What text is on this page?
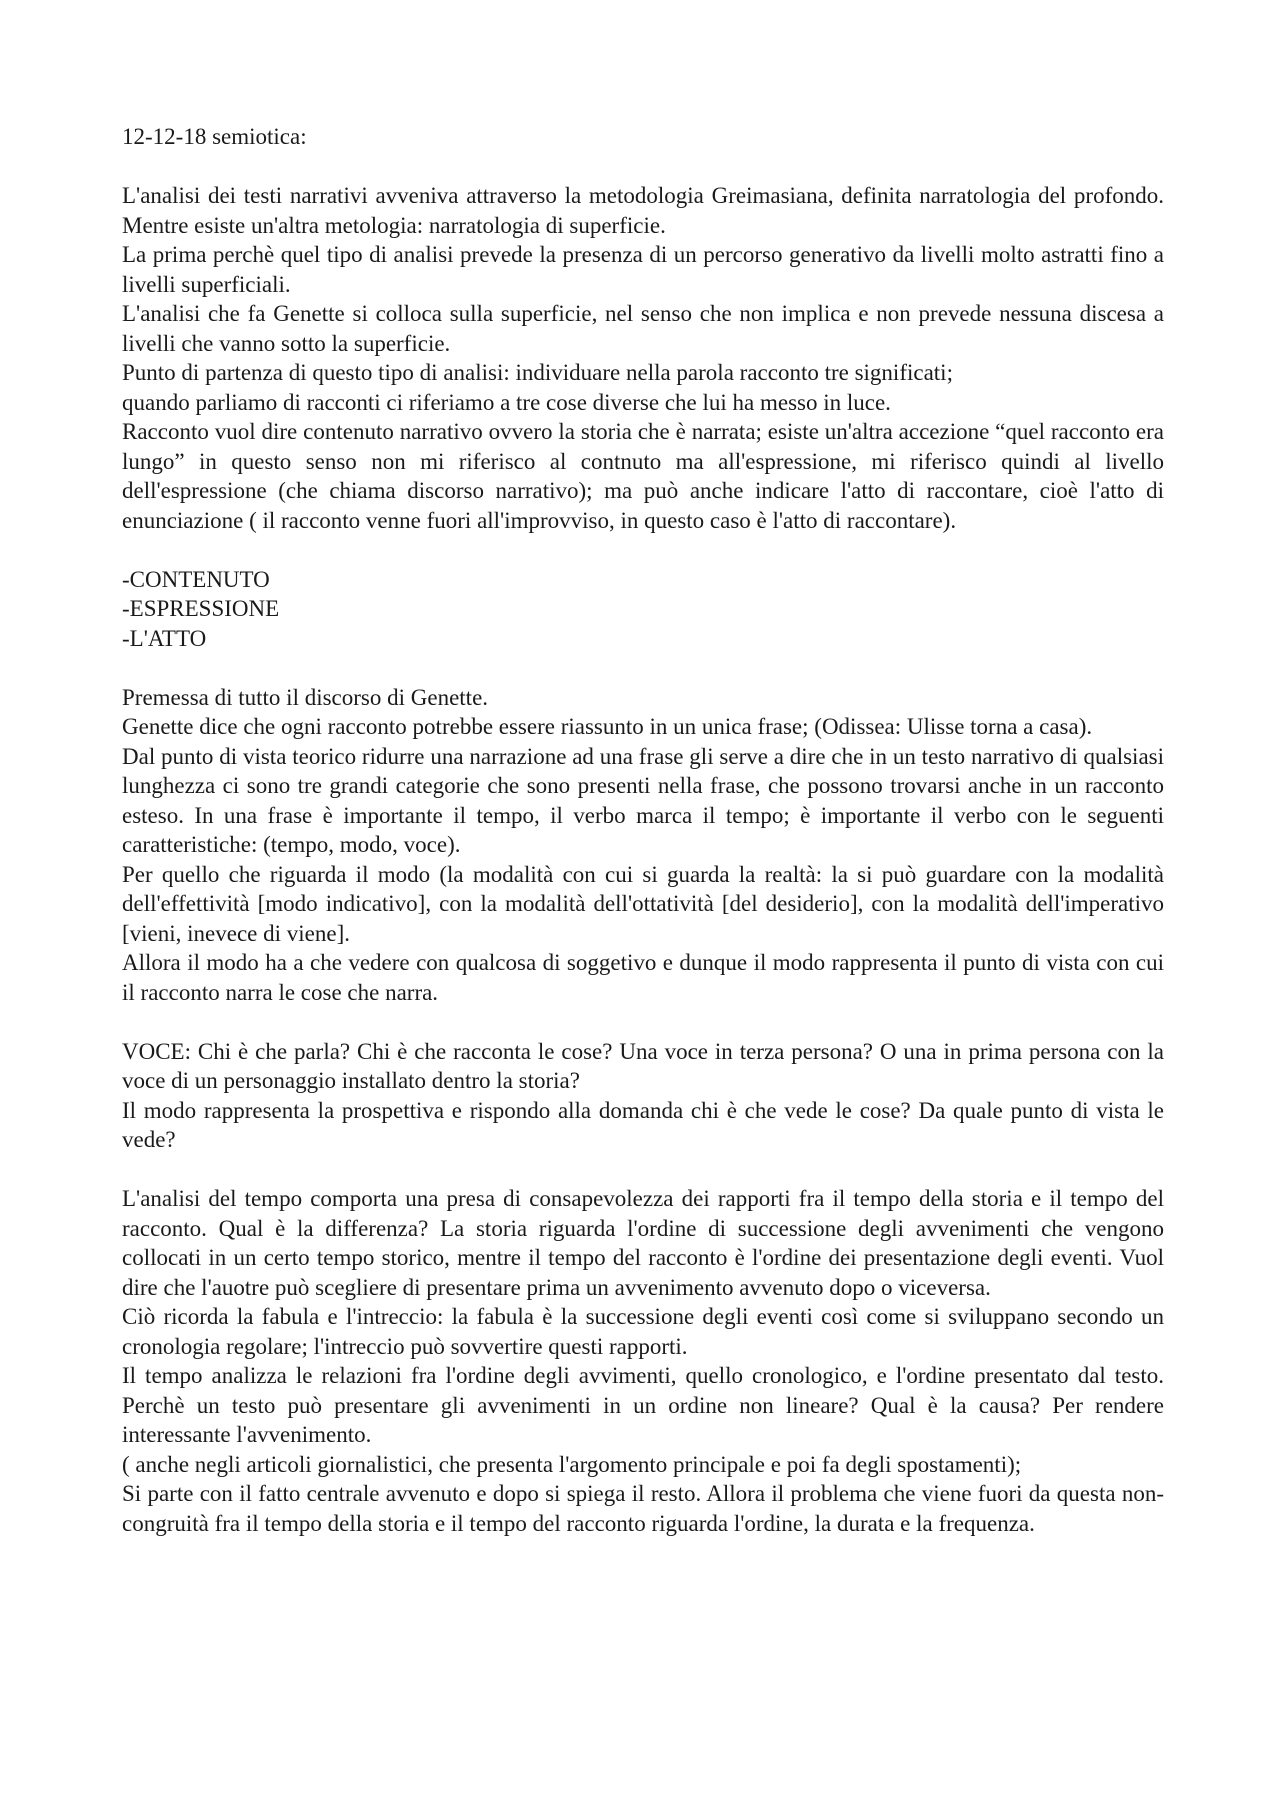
12-12-18 semiotica:

L'analisi dei testi narrativi avveniva attraverso la metodologia Greimasiana, definita narratologia del profondo. Mentre esiste un'altra metologia: narratologia di superficie.

La prima perchè quel tipo di analisi prevede la presenza di un percorso generativo da livelli molto astratti fino a livelli superficiali.

L'analisi che fa Genette si colloca sulla superficie, nel senso che non implica e non prevede nessuna discesa a livelli che vanno sotto la superficie.

Punto di partenza di questo tipo di analisi: individuare nella parola racconto tre significati;

quando parliamo di racconti ci riferiamo a tre cose diverse che lui ha messo in luce.

Racconto vuol dire contenuto narrativo ovvero la storia che è narrata; esiste un'altra accezione “quel racconto era lungo” in questo senso non mi riferisco al contnuto ma all'espressione, mi riferisco quindi al livello dell'espressione (che chiama discorso narrativo); ma può anche indicare l'atto di raccontare, cioè l'atto di enunciazione ( il racconto venne fuori all'improvviso, in questo caso è l'atto di raccontare).

-CONTENUTO

-ESPRESSIONE

-L'ATTO

Premessa di tutto il discorso di Genette.

Genette dice che ogni racconto potrebbe essere riassunto in un unica frase; (Odissea: Ulisse torna a casa).

Dal punto di vista teorico ridurre una narrazione ad una frase gli serve a dire che in un testo narrativo di qualsiasi lunghezza ci sono tre grandi categorie che sono presenti nella frase, che possono trovarsi anche in un racconto esteso. In una frase è importante il tempo, il verbo marca il tempo; è importante il verbo con le seguenti caratteristiche: (tempo, modo, voce).

Per quello che riguarda il modo (la modalità con cui si guarda la realtà: la si può guardare con la modalità dell'effettività [modo indicativo], con la modalità dell'ottatività [del desiderio], con la modalità dell'imperativo [vieni, inevece di viene].

Allora il modo ha a che vedere con qualcosa di soggetivo e dunque il modo rappresenta il punto di vista con cui il racconto narra le cose che narra.

VOCE: Chi è che parla? Chi è che racconta le cose? Una voce in terza persona? O una in prima persona con la voce di un personaggio installato dentro la storia?

Il modo rappresenta la prospettiva e rispondo alla domanda chi è che vede le cose? Da quale punto di vista le vede?

L'analisi del tempo comporta una presa di consapevolezza dei rapporti fra il tempo della storia e il tempo del racconto. Qual è la differenza? La storia riguarda l'ordine di successione degli avvenimenti che vengono collocati in un certo tempo storico, mentre il tempo del racconto è l'ordine dei presentazione degli eventi. Vuol dire che l'auotre può scegliere di presentare prima un avvenimento avvenuto dopo o viceversa.

Ciò ricorda la fabula e l'intreccio: la fabula è la successione degli eventi così come si sviluppano secondo un cronologia regolare; l'intreccio può sovvertire questi rapporti.

Il tempo analizza le relazioni fra l'ordine degli avvimenti, quello cronologico, e l'ordine presentato dal testo. Perchè un testo può presentare gli avvenimenti in un ordine non lineare? Qual è la causa? Per rendere interessante l'avvenimento.

( anche negli articoli giornalistici, che presenta l'argomento principale e poi fa degli spostamenti);

Si parte con il fatto centrale avvenuto e dopo si spiega il resto. Allora il problema che viene fuori da questa non-congruità fra il tempo della storia e il tempo del racconto riguarda l'ordine, la durata e la frequenza.
